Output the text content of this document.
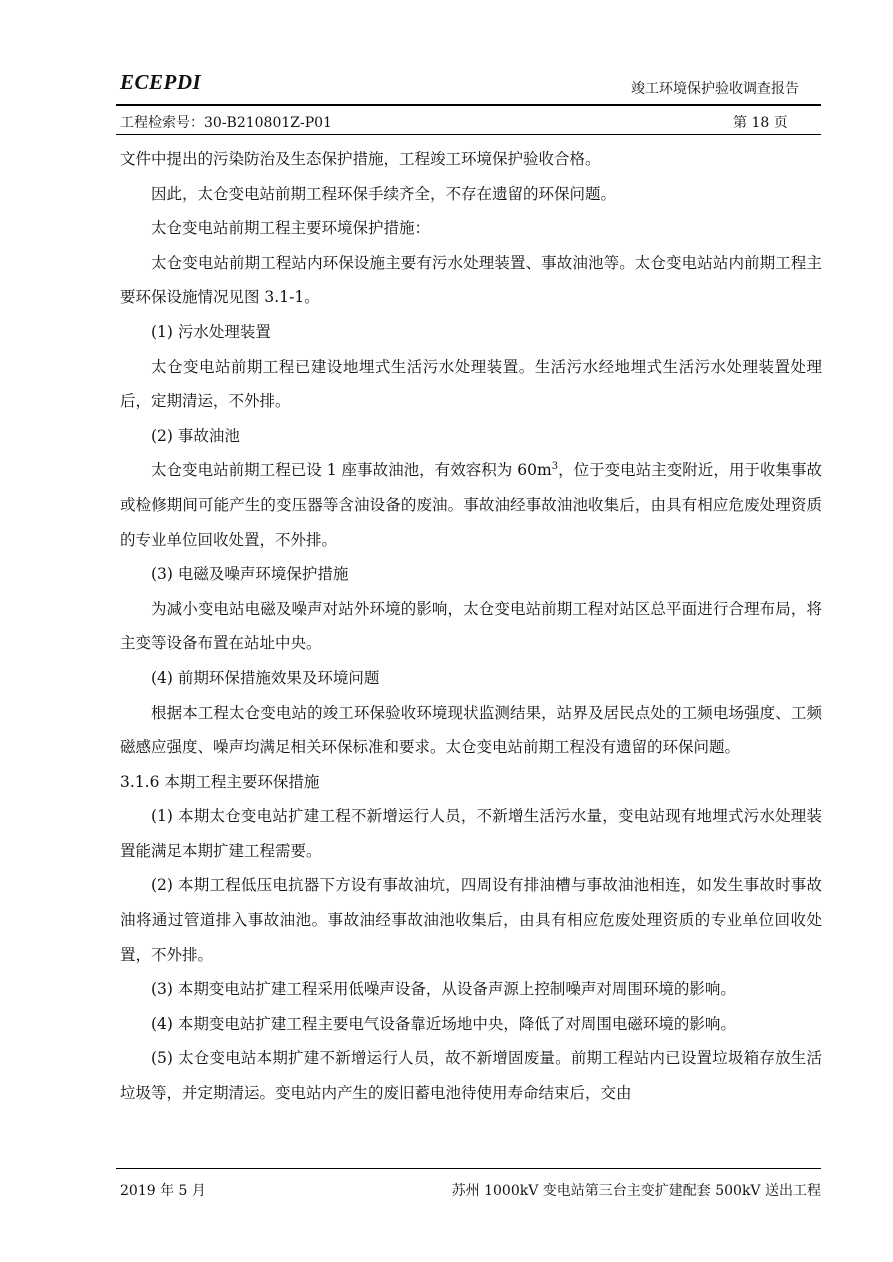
ECEPDI	竣工环境保护验收调查报告
工程检索号：30-B210801Z-P01	第 18 页

文件中提出的污染防治及生态保护措施，工程竣工环境保护验收合格。

因此，太仓变电站前期工程环保手续齐全，不存在遗留的环保问题。

太仓变电站前期工程主要环境保护措施：

太仓变电站前期工程站内环保设施主要有污水处理装置、事故油池等。太仓变电站站内前期工程主要环保设施情况见图 3.1-1。

(1) 污水处理装置

太仓变电站前期工程已建设地埋式生活污水处理装置。生活污水经地埋式生活污水处理装置处理后，定期清运，不外排。

(2) 事故油池

太仓变电站前期工程已设 1 座事故油池，有效容积为 $60m^3$，位于变电站主变附近，用于收集事故或检修期间可能产生的变压器等含油设备的废油。事故油经事故油池收集后，由具有相应危废处理资质的专业单位回收处置，不外排。

(3) 电磁及噪声环境保护措施

为减小变电站电磁及噪声对站外环境的影响，太仓变电站前期工程对站区总平面进行合理布局，将主变等设备布置在站址中央。

(4) 前期环保措施效果及环境问题

根据本工程太仓变电站的竣工环保验收环境现状监测结果，站界及居民点处的工频电场强度、工频磁感应强度、噪声均满足相关环保标准和要求。太仓变电站前期工程没有遗留的环保问题。

3.1.6 本期工程主要环保措施

(1) 本期太仓变电站扩建工程不新增运行人员，不新增生活污水量，变电站现有地埋式污水处理装置能满足本期扩建工程需要。

(2) 本期工程低压电抗器下方设有事故油坑，四周设有排油槽与事故油池相连，如发生事故时事故油将通过管道排入事故油池。事故油经事故油池收集后，由具有相应危废处理资质的专业单位回收处置，不外排。

(3) 本期变电站扩建工程采用低噪声设备，从设备声源上控制噪声对周围环境的影响。

(4) 本期变电站扩建工程主要电气设备靠近场地中央，降低了对周围电磁环境的影响。

(5) 太仓变电站本期扩建不新增运行人员，故不新增固废量。前期工程站内已设置垃圾箱存放生活垃圾等，并定期清运。变电站内产生的废旧蓄电池待使用寿命结束后，交由

2019 年 5 月	苏州 1000kV 变电站第三台主变扩建配套 500kV 送出工程
